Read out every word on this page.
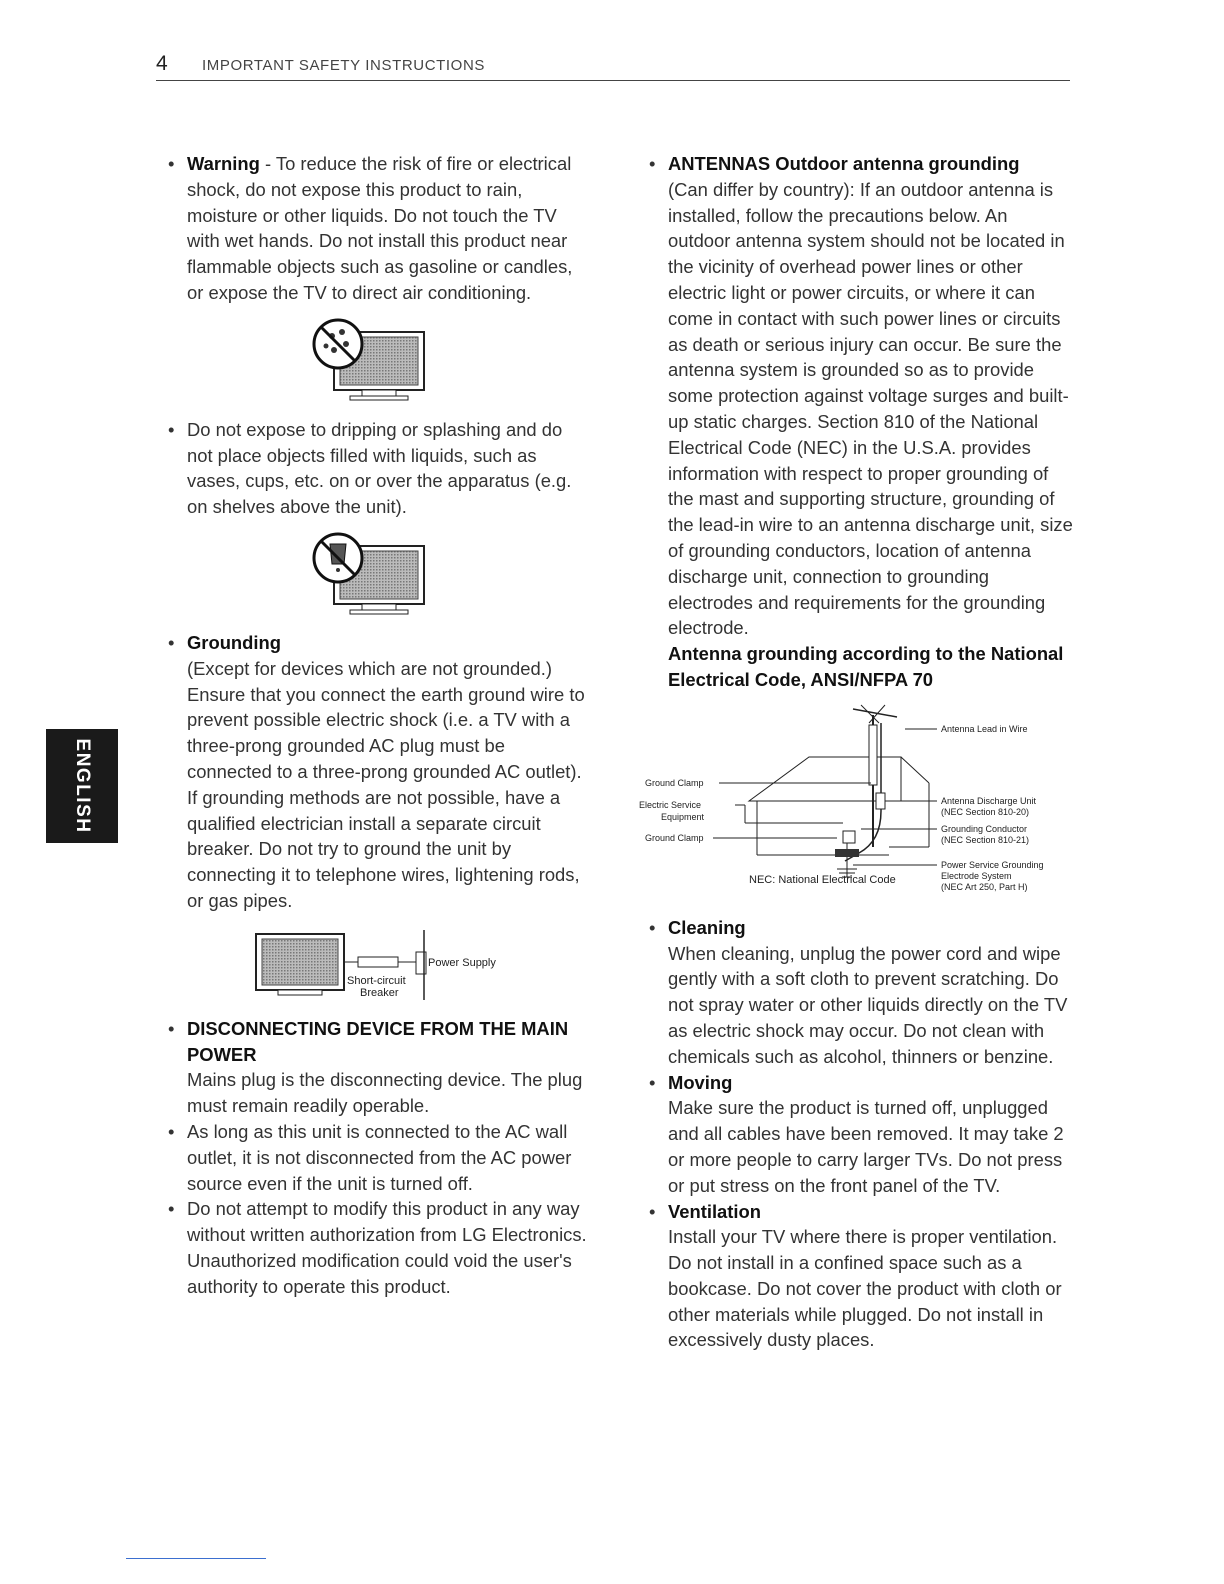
4 IMPORTANT SAFETY INSTRUCTIONS
ENGLISH

• Warning - To reduce the risk of fire or electrical shock, do not expose this product to rain, moisture or other liquids. Do not touch the TV with wet hands. Do not install this product near flammable objects such as gasoline or candles, or expose the TV to direct air conditioning.

• Do not expose to dripping or splashing and do not place objects filled with liquids, such as vases, cups, etc. on or over the apparatus (e.g. on shelves above the unit).

• Grounding

(Except for devices which are not grounded.) Ensure that you connect the earth ground wire to prevent possible electric shock (i.e. a TV with a three-prong grounded AC plug must be connected to a three-prong grounded AC outlet). If grounding methods are not possible, have a qualified electrician install a separate circuit breaker. Do not try to ground the unit by connecting it to telephone wires, lightening rods, or gas pipes.

Power Supply
Short-circuit
Breaker

• DISCONNECTING DEVICE FROM THE MAIN POWER

Mains plug is the disconnecting device. The plug must remain readily operable.

• As long as this unit is connected to the AC wall outlet, it is not disconnected from the AC power source even if the unit is turned off.

• Do not attempt to modify this product in any way without written authorization from LG Electronics. Unauthorized modification could void the user's authority to operate this product.

• ANTENNAS Outdoor antenna grounding

(Can differ by country): If an outdoor antenna is installed, follow the precautions below. An outdoor antenna system should not be located in the vicinity of overhead power lines or other electric light or power circuits, or where it can come in contact with such power lines or circuits as death or serious injury can occur. Be sure the antenna system is grounded so as to provide some protection against voltage surges and built-up static charges. Section 810 of the National Electrical Code (NEC) in the U.S.A. provides information with respect to proper grounding of the mast and supporting structure, grounding of the lead-in wire to an antenna discharge unit, size of grounding conductors, location of antenna discharge unit, connection to grounding electrodes and requirements for the grounding electrode.

Antenna grounding according to the National Electrical Code, ANSI/NFPA 70

Antenna Lead in Wire
Ground Clamp
Electric Service
Equipment
Ground Clamp
Antenna Discharge Unit
(NEC Section 810-20)
Grounding Conductor
(NEC Section 810-21)
Power Service Grounding
Electrode System
(NEC Art 250, Part H)
NEC: National Electrical Code

• Cleaning

When cleaning, unplug the power cord and wipe gently with a soft cloth to prevent scratching. Do not spray water or other liquids directly on the TV as electric shock may occur. Do not clean with chemicals such as alcohol, thinners or benzine.

• Moving

Make sure the product is turned off, unplugged and all cables have been removed. It may take 2 or more people to carry larger TVs. Do not press or put stress on the front panel of the TV.

• Ventilation

Install your TV where there is proper ventilation. Do not install in a confined space such as a bookcase. Do not cover the product with cloth or other materials while plugged. Do not install in excessively dusty places.
